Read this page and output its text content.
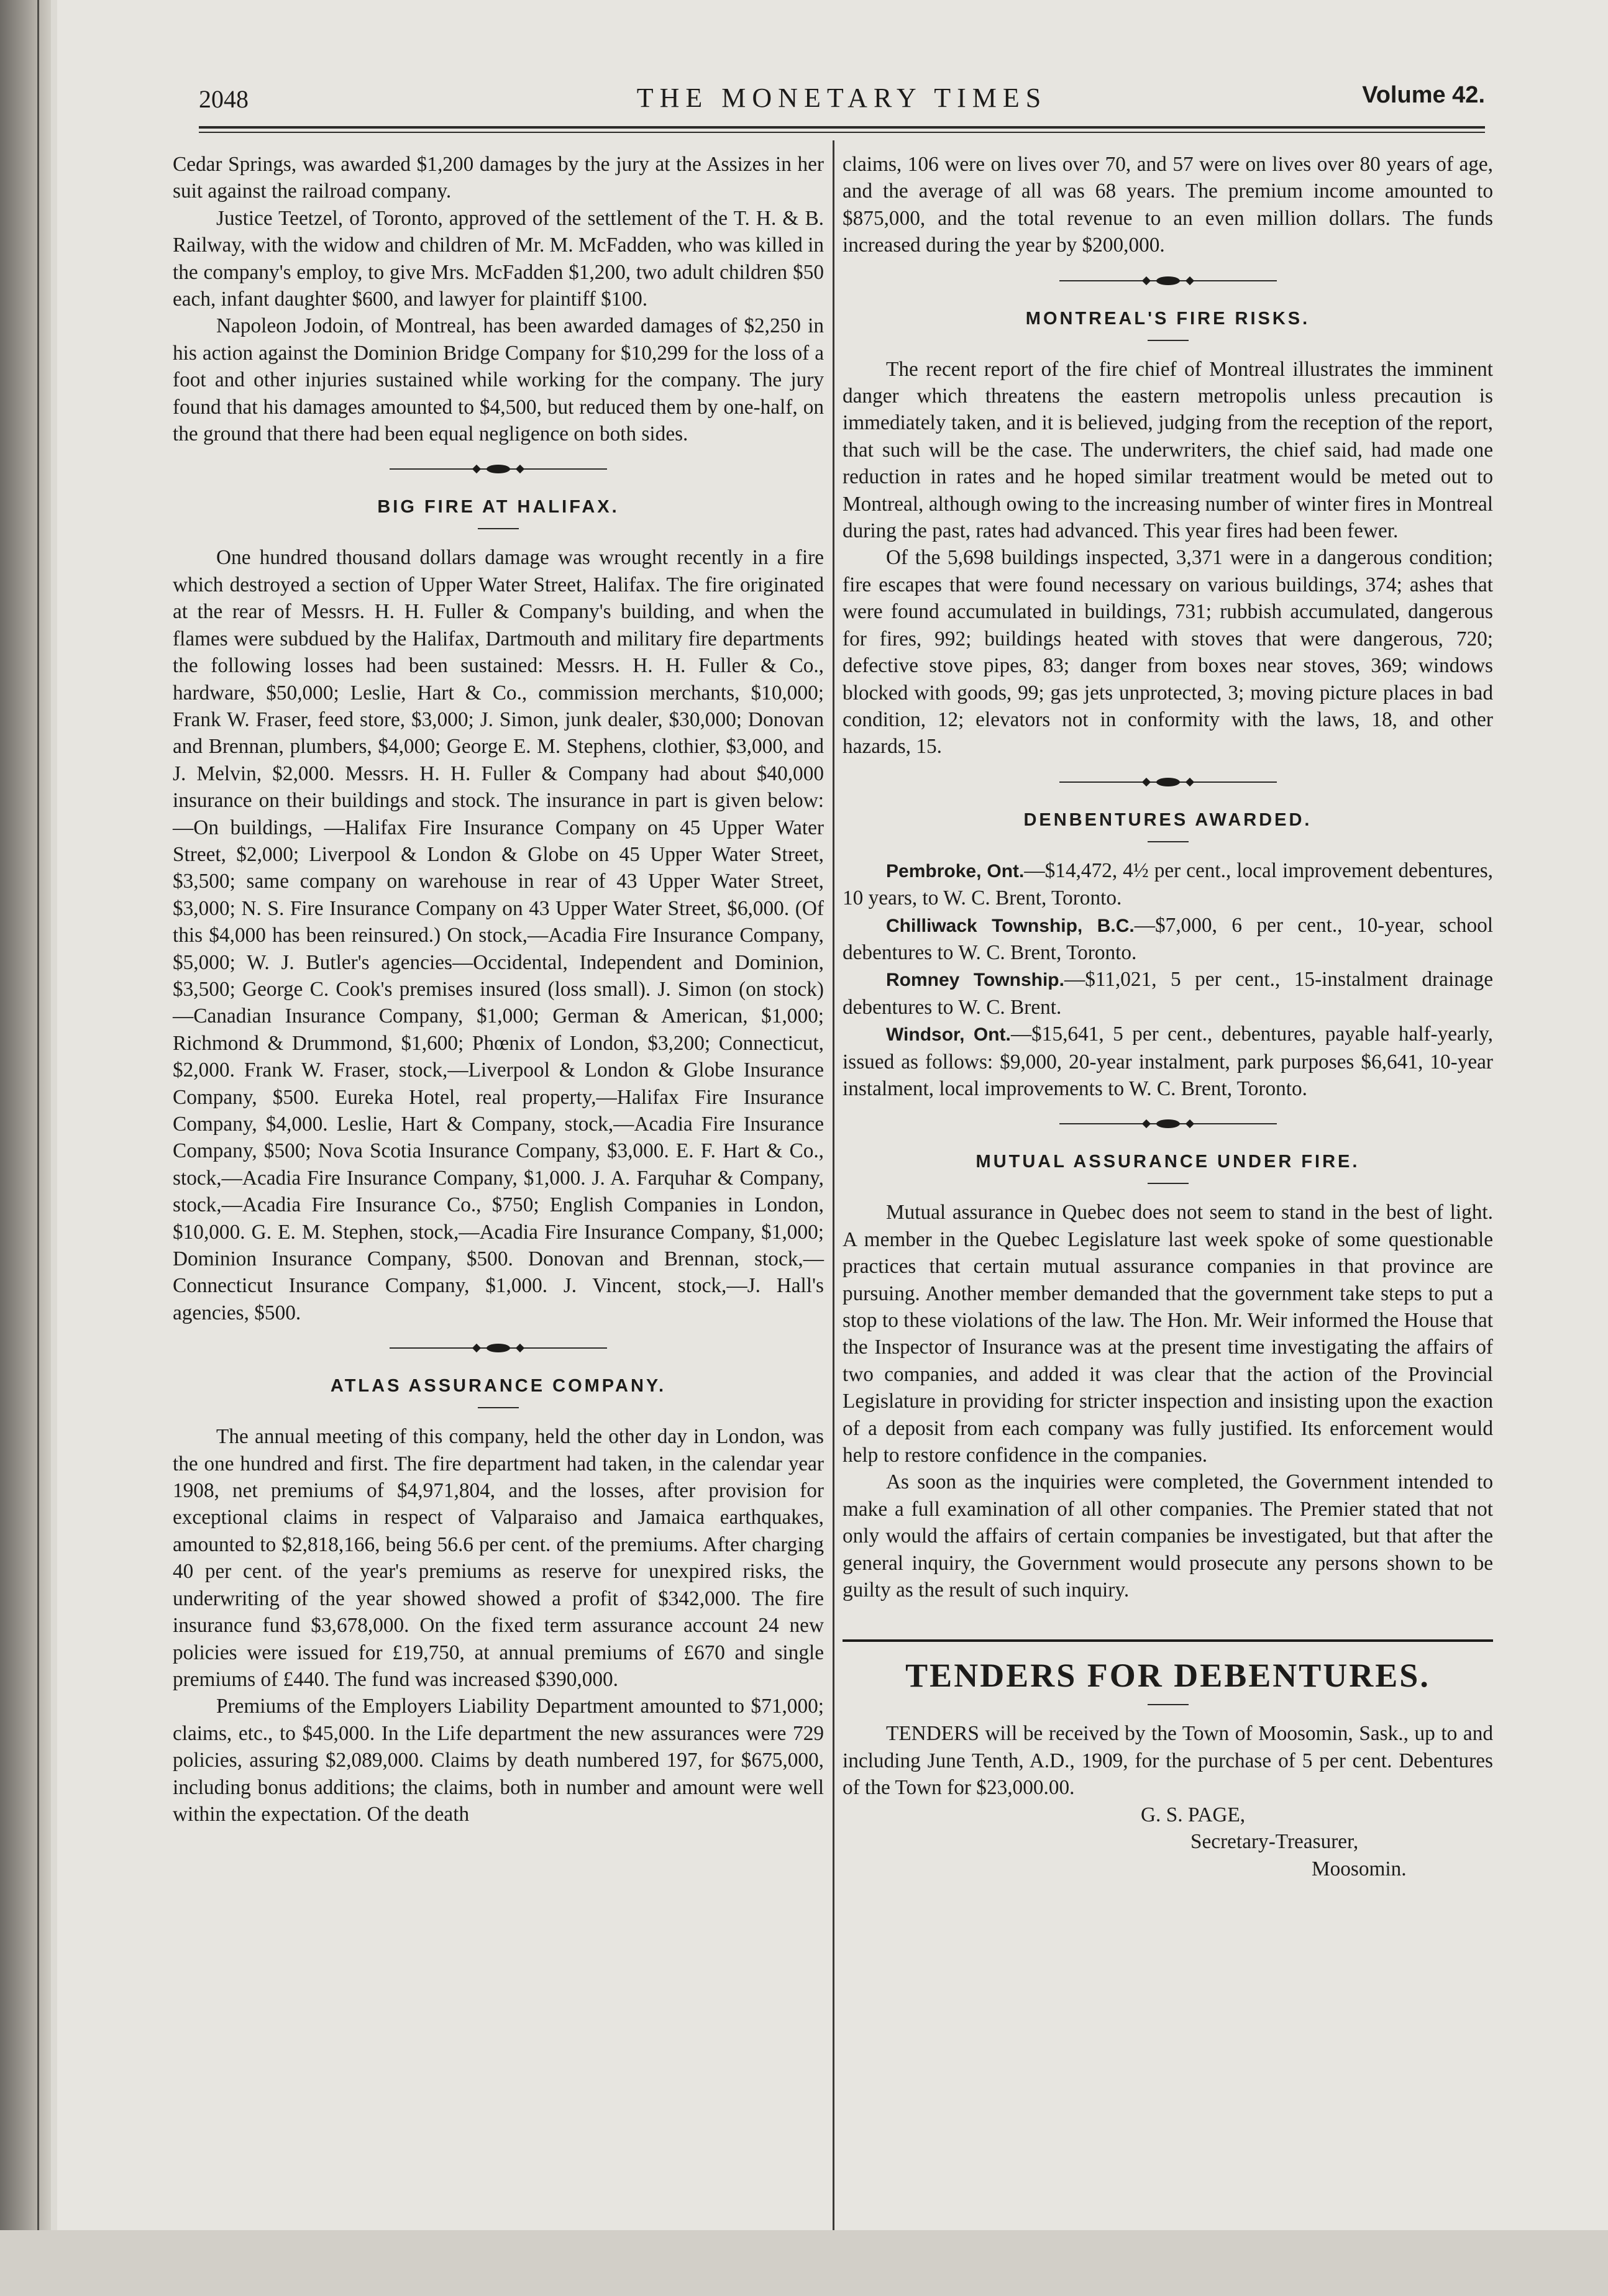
THE MONETARY TIMES
2048	Volume 42.

Cedar Springs, was awarded $1,200 damages by the jury at the Assizes in her suit against the railroad company.

Justice Teetzel, of Toronto, approved of the settlement of the T. H. & B. Railway, with the widow and children of Mr. M. McFadden, who was killed in the company's employ, to give Mrs. McFadden $1,200, two adult children $50 each, infant daughter $600, and lawyer for plaintiff $100.

Napoleon Jodoin, of Montreal, has been awarded damages of $2,250 in his action against the Dominion Bridge Company for $10,299 for the loss of a foot and other injuries sustained while working for the company. The jury found that his damages amounted to $4,500, but reduced them by one-half, on the ground that there had been equal negligence on both sides.

BIG FIRE AT HALIFAX.

One hundred thousand dollars damage was wrought recently in a fire which destroyed a section of Upper Water Street, Halifax. The fire originated at the rear of Messrs. H. H. Fuller & Company's building, and when the flames were subdued by the Halifax, Dartmouth and military fire departments the following losses had been sustained: Messrs. H. H. Fuller & Co., hardware, $50,000; Leslie, Hart & Co., commission merchants, $10,000; Frank W. Fraser, feed store, $3,000; J. Simon, junk dealer, $30,000; Donovan and Brennan, plumbers, $4,000; George E. M. Stephens, clothier, $3,000, and J. Melvin, $2,000. Messrs. H. H. Fuller & Company had about $40,000 insurance on their buildings and stock. The insurance in part is given below:—On buildings, —Halifax Fire Insurance Company on 45 Upper Water Street, $2,000; Liverpool & London & Globe on 45 Upper Water Street, $3,500; same company on warehouse in rear of 43 Upper Water Street, $3,000; N. S. Fire Insurance Company on 43 Upper Water Street, $6,000. (Of this $4,000 has been reinsured.) On stock,—Acadia Fire Insurance Company, $5,000; W. J. Butler's agencies—Occidental, Independent and Dominion, $3,500; George C. Cook's premises insured (loss small). J. Simon (on stock)—Canadian Insurance Company, $1,000; German & American, $1,000; Richmond & Drummond, $1,600; Phœnix of London, $3,200; Connecticut, $2,000. Frank W. Fraser, stock,—Liverpool & London & Globe Insurance Company, $500. Eureka Hotel, real property,—Halifax Fire Insurance Company, $4,000. Leslie, Hart & Company, stock,—Acadia Fire Insurance Company, $500; Nova Scotia Insurance Company, $3,000. E. F. Hart & Co., stock,—Acadia Fire Insurance Company, $1,000. J. A. Farquhar & Company, stock,—Acadia Fire Insurance Co., $750; English Companies in London, $10,000. G. E. M. Stephen, stock,—Acadia Fire Insurance Company, $1,000; Dominion Insurance Company, $500. Donovan and Brennan, stock,—Connecticut Insurance Company, $1,000. J. Vincent, stock,—J. Hall's agencies, $500.

ATLAS ASSURANCE COMPANY.

The annual meeting of this company, held the other day in London, was the one hundred and first. The fire department had taken, in the calendar year 1908, net premiums of $4,971,804, and the losses, after provision for exceptional claims in respect of Valparaiso and Jamaica earthquakes, amounted to $2,818,166, being 56.6 per cent. of the premiums. After charging 40 per cent. of the year's premiums as reserve for unexpired risks, the underwriting of the year showed showed a profit of $342,000. The fire insurance fund $3,678,000. On the fixed term assurance account 24 new policies were issued for £19,750, at annual premiums of £670 and single premiums of £440. The fund was increased $390,000.

Premiums of the Employers Liability Department amounted to $71,000; claims, etc., to $45,000. In the Life department the new assurances were 729 policies, assuring $2,089,000. Claims by death numbered 197, for $675,000, including bonus additions; the claims, both in number and amount were well within the expectation. Of the death

claims, 106 were on lives over 70, and 57 were on lives over 80 years of age, and the average of all was 68 years. The premium income amounted to $875,000, and the total revenue to an even million dollars. The funds increased during the year by $200,000.

MONTREAL'S FIRE RISKS.

The recent report of the fire chief of Montreal illustrates the imminent danger which threatens the eastern metropolis unless precaution is immediately taken, and it is believed, judging from the reception of the report, that such will be the case. The underwriters, the chief said, had made one reduction in rates and he hoped similar treatment would be meted out to Montreal, although owing to the increasing number of winter fires in Montreal during the past, rates had advanced. This year fires had been fewer.

Of the 5,698 buildings inspected, 3,371 were in a dangerous condition; fire escapes that were found necessary on various buildings, 374; ashes that were found accumulated in buildings, 731; rubbish accumulated, dangerous for fires, 992; buildings heated with stoves that were dangerous, 720; defective stove pipes, 83; danger from boxes near stoves, 369; windows blocked with goods, 99; gas jets unprotected, 3; moving picture places in bad condition, 12; elevators not in conformity with the laws, 18, and other hazards, 15.

DENBENTURES AWARDED.

Pembroke, Ont.—$14,472, 4½ per cent., local improvement debentures, 10 years, to W. C. Brent, Toronto.

Chilliwack Township, B.C.—$7,000, 6 per cent., 10-year, school debentures to W. C. Brent, Toronto.

Romney Township.—$11,021, 5 per cent., 15-instalment drainage debentures to W. C. Brent.

Windsor, Ont.—$15,641, 5 per cent., debentures, payable half-yearly, issued as follows: $9,000, 20-year instalment, park purposes $6,641, 10-year instalment, local improvements to W. C. Brent, Toronto.

MUTUAL ASSURANCE UNDER FIRE.

Mutual assurance in Quebec does not seem to stand in the best of light. A member in the Quebec Legislature last week spoke of some questionable practices that certain mutual assurance companies in that province are pursuing. Another member demanded that the government take steps to put a stop to these violations of the law. The Hon. Mr. Weir informed the House that the Inspector of Insurance was at the present time investigating the affairs of two companies, and added it was clear that the action of the Provincial Legislature in providing for stricter inspection and insisting upon the exaction of a deposit from each company was fully justified. Its enforcement would help to restore confidence in the companies.

As soon as the inquiries were completed, the Government intended to make a full examination of all other companies. The Premier stated that not only would the affairs of certain companies be investigated, but that after the general inquiry, the Government would prosecute any persons shown to be guilty as the result of such inquiry.

TENDERS FOR DEBENTURES.

TENDERS will be received by the Town of Moosomin, Sask., up to and including June Tenth, A.D., 1909, for the purchase of 5 per cent. Debentures of the Town for $23,000.00.

G. S. PAGE,

Secretary-Treasurer,

Moosomin.
